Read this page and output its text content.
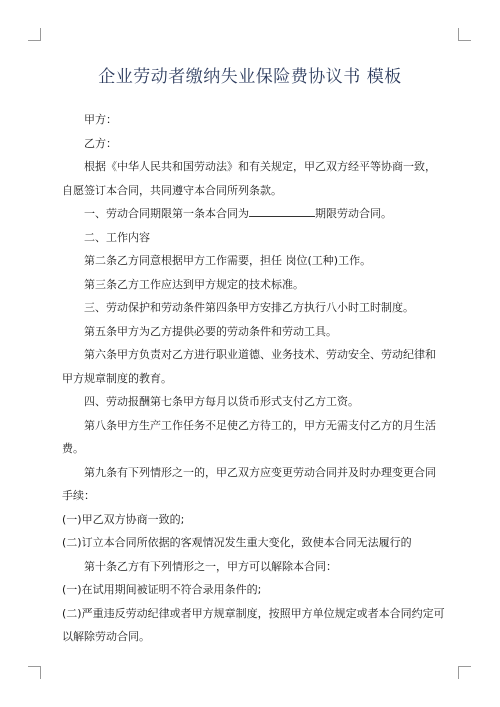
企业劳动者缴纳失业保险费协议书 模板

甲方：

乙方：

根据《中华人民共和国劳动法》和有关规定，甲乙双方经平等协商一致，自愿签订本合同，共同遵守本合同所列条款。

一、劳动合同期限第一条本合同为	期限劳动合同。

二、工作内容

第二条乙方同意根据甲方工作需要，担任 岗位(工种)工作。

第三条乙方工作应达到甲方规定的技术标准。

三、劳动保护和劳动条件第四条甲方安排乙方执行八小时工时制度。

第五条甲方为乙方提供必要的劳动条件和劳动工具。

第六条甲方负责对乙方进行职业道德、业务技术、劳动安全、劳动纪律和甲方规章制度的教育。

四、劳动报酬第七条甲方每月以货币形式支付乙方工资。

第八条甲方生产工作任务不足使乙方待工的，甲方无需支付乙方的月生活费。

第九条有下列情形之一的，甲乙双方应变更劳动合同并及时办理变更合同手续：

(一)甲乙双方协商一致的;

(二)订立本合同所依据的客观情况发生重大变化，致使本合同无法履行的

第十条乙方有下列情形之一，甲方可以解除本合同：

(一)在试用期间被证明不符合录用条件的;

(二)严重违反劳动纪律或者甲方规章制度，按照甲方单位规定或者本合同约定可以解除劳动合同。
